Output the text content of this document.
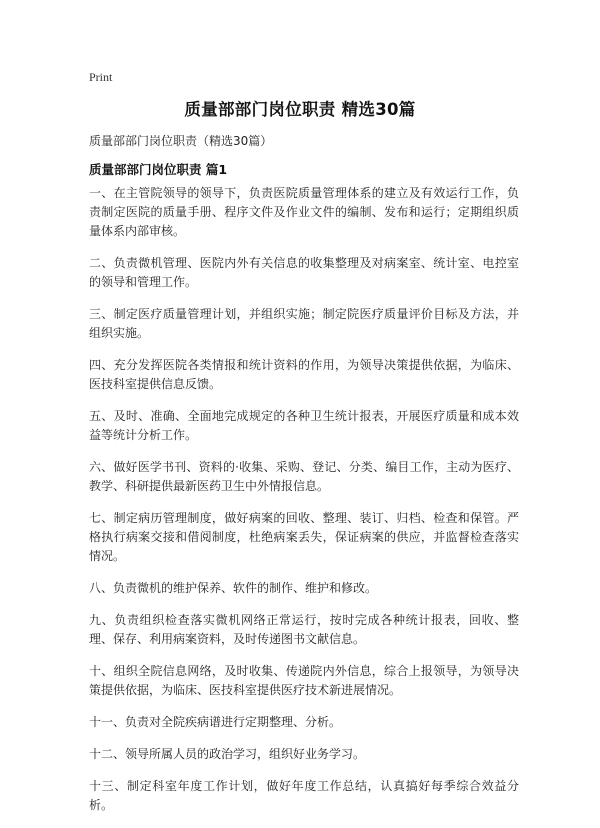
Print
质量部部门岗位职责 精选30篇
质量部部门岗位职责（精选30篇）
质量部部门岗位职责 篇1

一、在主管院领导的领导下，负责医院质量管理体系的建立及有效运行工作，负责制定医院的质量手册、程序文件及作业文件的编制、发布和运行；定期组织质量体系内部审核。

二、负责微机管理、医院内外有关信息的收集整理及对病案室、统计室、电控室的领导和管理工作。

三、制定医疗质量管理计划，并组织实施；制定院医疗质量评价目标及方法，并组织实施。

四、充分发挥医院各类情报和统计资料的作用，为领导决策提供依据，为临床、医技科室提供信息反馈。

五、及时、准确、全面地完成规定的各种卫生统计报表，开展医疗质量和成本效益等统计分析工作。

六、做好医学书刊、资料的·收集、采购、登记、分类、编目工作，主动为医疗、教学、科研提供最新医药卫生中外情报信息。

七、制定病历管理制度，做好病案的回收、整理、装订、归档、检查和保管。严格执行病案交接和借阅制度，杜绝病案丢失，保证病案的供应，并监督检查落实情况。

八、负责微机的维护保养、软件的制作、维护和修改。

九、负责组织检查落实微机网络正常运行，按时完成各种统计报表，回收、整理、保存、利用病案资料，及时传递图书文献信息。

十、组织全院信息网络，及时收集、传递院内外信息，综合上报领导，为领导决策提供依据，为临床、医技科室提供医疗技术新进展情况。

十一、负责对全院疾病谱进行定期整理、分析。

十二、领导所属人员的政治学习，组织好业务学习。

十三、制定科室年度工作计划，做好年度工作总结，认真搞好每季综合效益分析。
